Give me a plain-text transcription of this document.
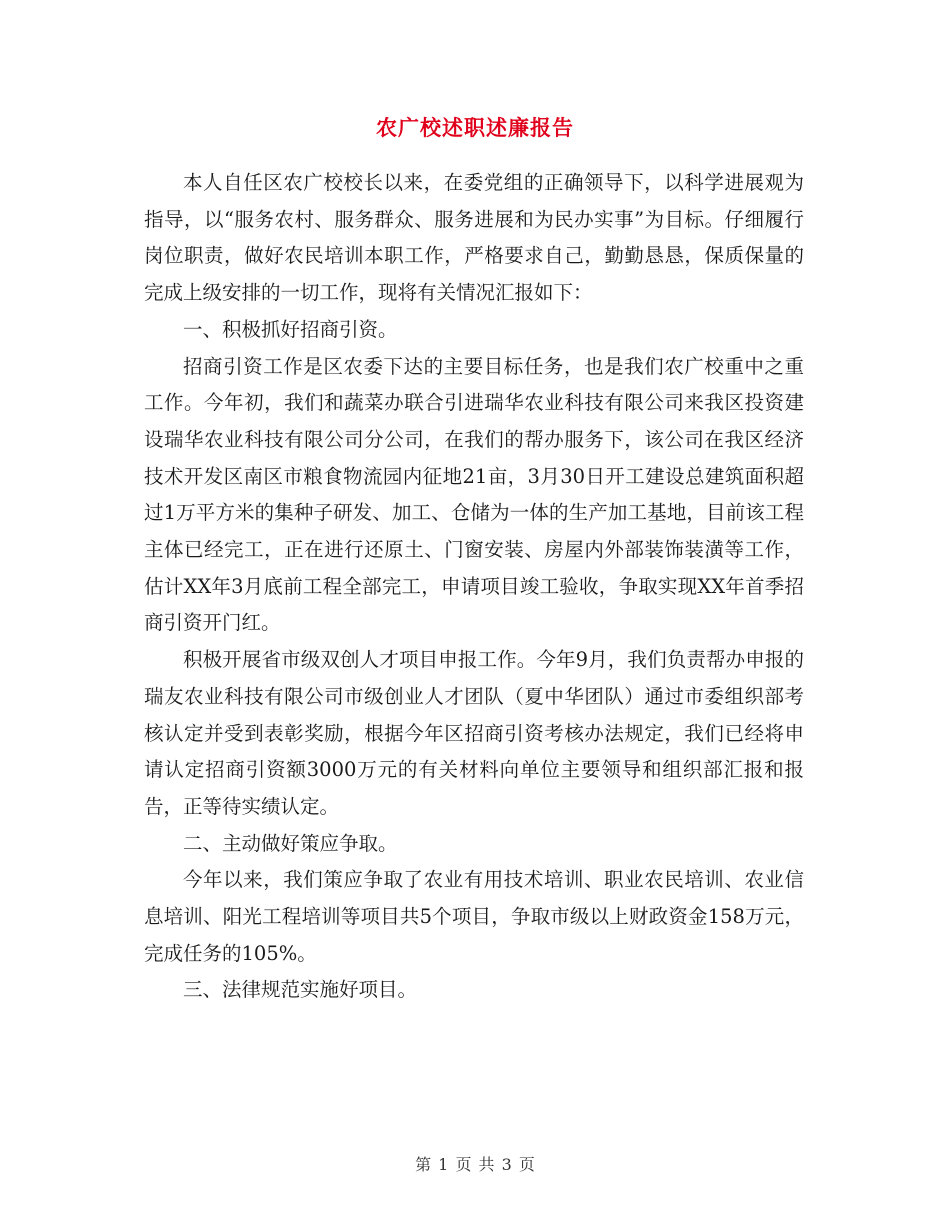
农广校述职述廉报告

本人自任区农广校校长以来，在委党组的正确领导下，以科学进展观为指导，以“服务农村、服务群众、服务进展和为民办实事”为目标。仔细履行岗位职责，做好农民培训本职工作，严格要求自己，勤勤恳恳，保质保量的完成上级安排的一切工作，现将有关情况汇报如下：

一、积极抓好招商引资。

招商引资工作是区农委下达的主要目标任务，也是我们农广校重中之重工作。今年初，我们和蔬菜办联合引进瑞华农业科技有限公司来我区投资建设瑞华农业科技有限公司分公司，在我们的帮办服务下，该公司在我区经济技术开发区南区市粮食物流园内征地21亩，3月30日开工建设总建筑面积超过1万平方米的集种子研发、加工、仓储为一体的生产加工基地，目前该工程主体已经完工，正在进行还原土、门窗安装、房屋内外部装饰装潢等工作，估计XX年3月底前工程全部完工，申请项目竣工验收，争取实现XX年首季招商引资开门红。

积极开展省市级双创人才项目申报工作。今年9月，我们负责帮办申报的瑞友农业科技有限公司市级创业人才团队（夏中华团队）通过市委组织部考核认定并受到表彰奖励，根据今年区招商引资考核办法规定，我们已经将申请认定招商引资额3000万元的有关材料向单位主要领导和组织部汇报和报告，正等待实绩认定。

二、主动做好策应争取。

今年以来，我们策应争取了农业有用技术培训、职业农民培训、农业信息培训、阳光工程培训等项目共5个项目，争取市级以上财政资金158万元，完成任务的105%。

三、法律规范实施好项目。

第 1 页 共 3 页
